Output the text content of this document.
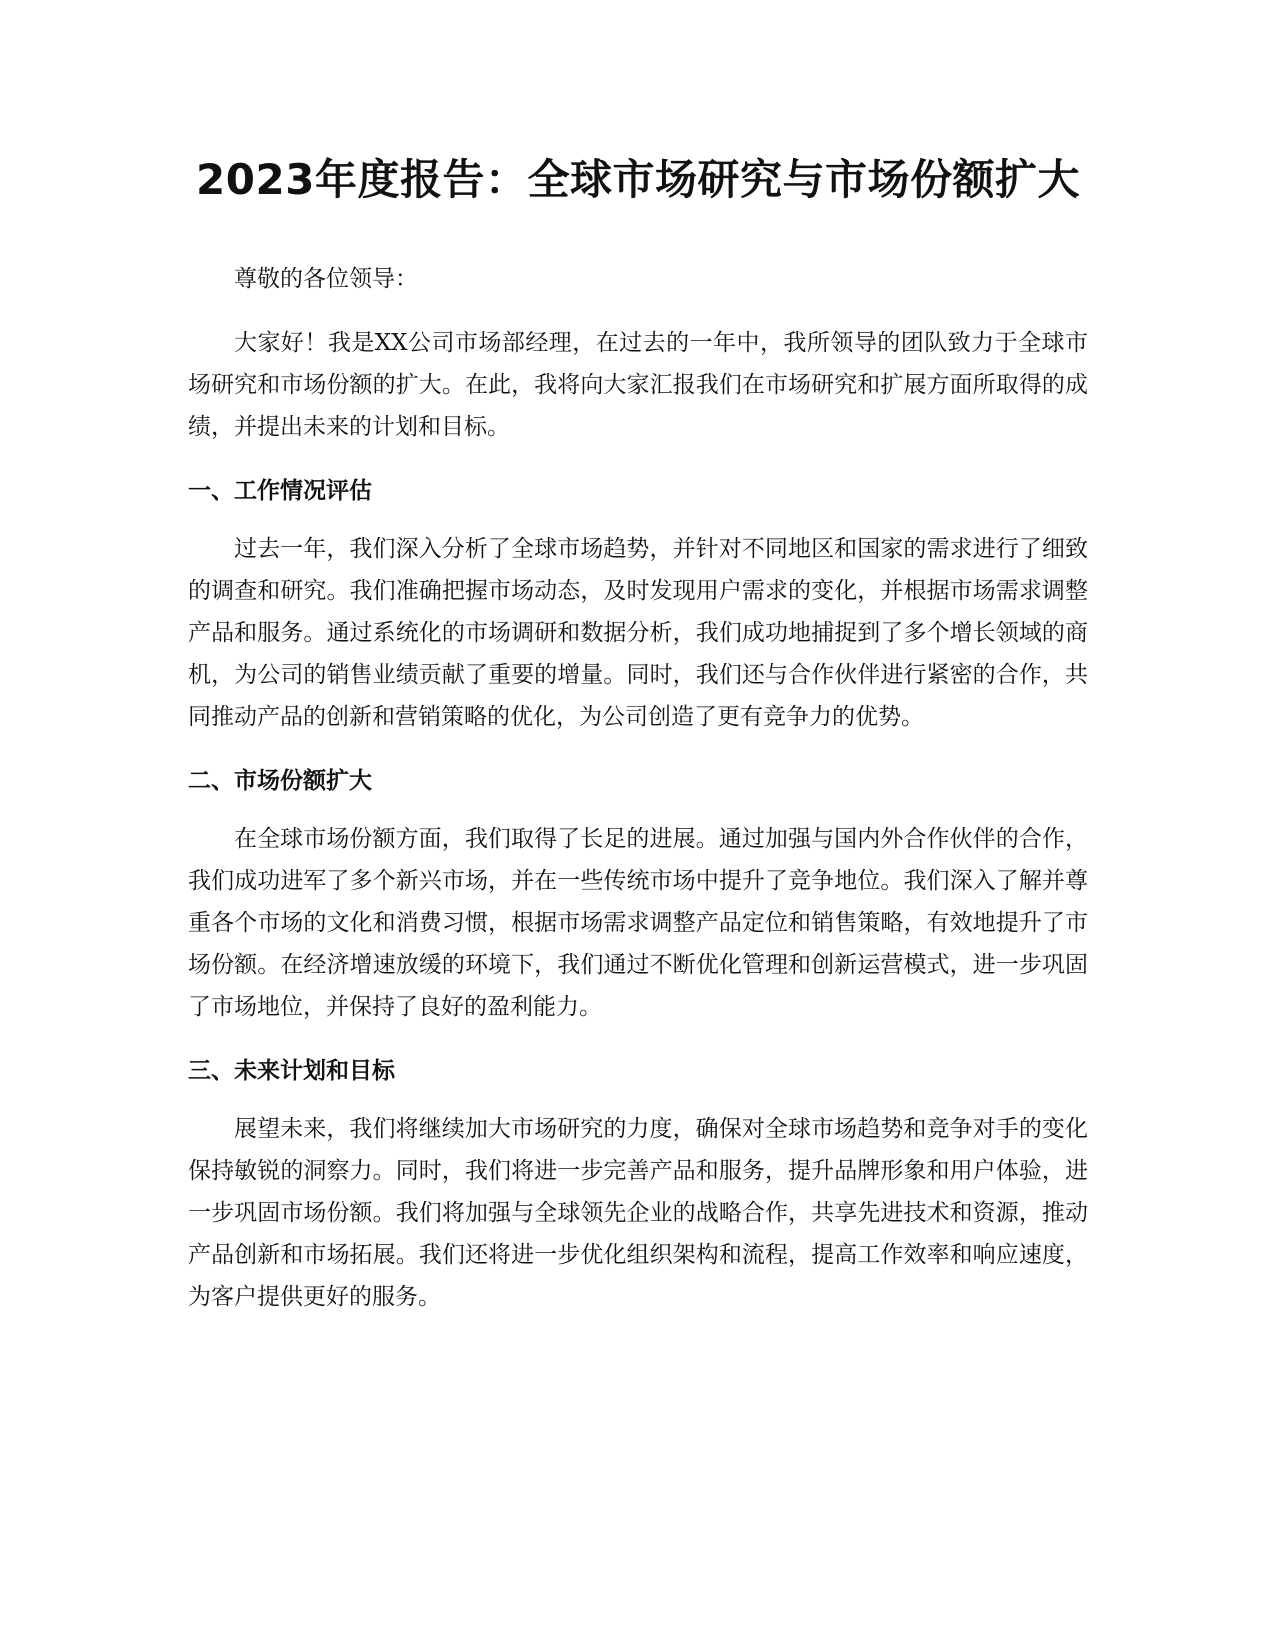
2023年度报告：全球市场研究与市场份额扩大

尊敬的各位领导：

大家好！我是XX公司市场部经理，在过去的一年中，我所领导的团队致力于全球市场研究和市场份额的扩大。在此，我将向大家汇报我们在市场研究和扩展方面所取得的成绩，并提出未来的计划和目标。

一、工作情况评估

过去一年，我们深入分析了全球市场趋势，并针对不同地区和国家的需求进行了细致的调查和研究。我们准确把握市场动态，及时发现用户需求的变化，并根据市场需求调整产品和服务。通过系统化的市场调研和数据分析，我们成功地捕捉到了多个增长领域的商机，为公司的销售业绩贡献了重要的增量。同时，我们还与合作伙伴进行紧密的合作，共同推动产品的创新和营销策略的优化，为公司创造了更有竞争力的优势。

二、市场份额扩大

在全球市场份额方面，我们取得了长足的进展。通过加强与国内外合作伙伴的合作，我们成功进军了多个新兴市场，并在一些传统市场中提升了竞争地位。我们深入了解并尊重各个市场的文化和消费习惯，根据市场需求调整产品定位和销售策略，有效地提升了市场份额。在经济增速放缓的环境下，我们通过不断优化管理和创新运营模式，进一步巩固了市场地位，并保持了良好的盈利能力。

三、未来计划和目标

展望未来，我们将继续加大市场研究的力度，确保对全球市场趋势和竞争对手的变化保持敏锐的洞察力。同时，我们将进一步完善产品和服务，提升品牌形象和用户体验，进一步巩固市场份额。我们将加强与全球领先企业的战略合作，共享先进技术和资源，推动产品创新和市场拓展。我们还将进一步优化组织架构和流程，提高工作效率和响应速度，为客户提供更好的服务。
